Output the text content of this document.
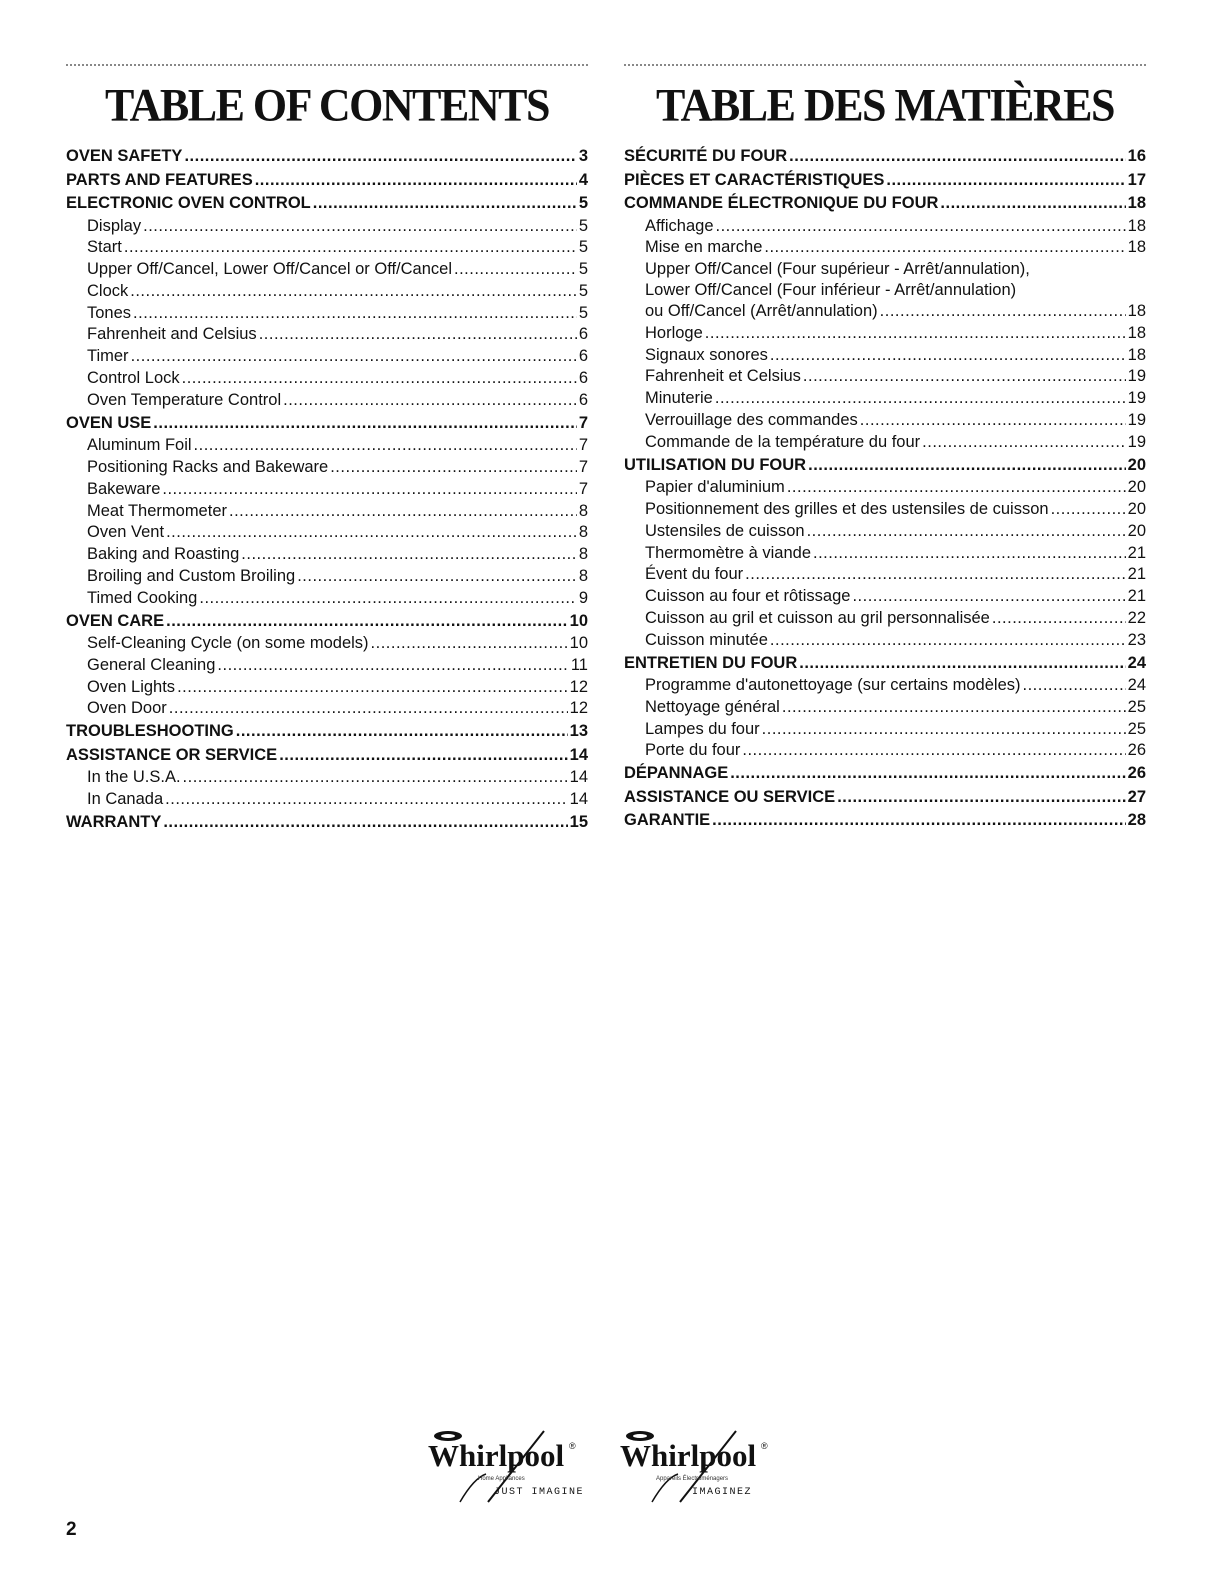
TABLE OF CONTENTS
OVEN SAFETY .....	3
PARTS AND FEATURES .....	4
ELECTRONIC OVEN CONTROL .....	5
Display .....	5
Start .....	5
Upper Off/Cancel, Lower Off/Cancel or Off/Cancel .....	5
Clock .....	5
Tones .....	5
Fahrenheit and Celsius .....	6
Timer .....	6
Control Lock .....	6
Oven Temperature Control .....	6
OVEN USE .....	7
Aluminum Foil .....	7
Positioning Racks and Bakeware .....	7
Bakeware .....	7
Meat Thermometer .....	8
Oven Vent .....	8
Baking and Roasting .....	8
Broiling and Custom Broiling .....	8
Timed Cooking .....	9
OVEN CARE .....	10
Self-Cleaning Cycle (on some models) .....	10
General Cleaning .....	11
Oven Lights .....	12
Oven Door .....	12
TROUBLESHOOTING .....	13
ASSISTANCE OR SERVICE .....	14
In the U.S.A. .....	14
In Canada .....	14
WARRANTY .....	15
TABLE DES MATIÈRES
SÉCURITÉ DU FOUR .....	16
PIÈCES ET CARACTÉRISTIQUES .....	17
COMMANDE ÉLECTRONIQUE DU FOUR .....	18
Affichage .....	18
Mise en marche .....	18
Upper Off/Cancel (Four supérieur - Arrêt/annulation),
Lower Off/Cancel (Four inférieur - Arrêt/annulation)
ou Off/Cancel (Arrêt/annulation) .....	18
Horloge .....	18
Signaux sonores .....	18
Fahrenheit et Celsius .....	19
Minuterie .....	19
Verrouillage des commandes .....	19
Commande de la température du four .....	19
UTILISATION DU FOUR .....	20
Papier d'aluminium .....	20
Positionnement des grilles et des ustensiles de cuisson .....	20
Ustensiles de cuisson .....	20
Thermomètre à viande .....	21
Évent du four .....	21
Cuisson au four et rôtissage .....	21
Cuisson au gril et cuisson au gril personnalisée .....	22
Cuisson minutée .....	23
ENTRETIEN DU FOUR .....	24
Programme d'autonettoyage (sur certains modèles) .....	24
Nettoyage général .....	25
Lampes du four .....	25
Porte du four .....	26
DÉPANNAGE .....	26
ASSISTANCE OU SERVICE .....	27
GARANTIE .....	28
Whirlpool ®
Home Appliances
JUST IMAGINE
Whirlpool ®
Appareils Électroménagers
IMAGINEZ
2
